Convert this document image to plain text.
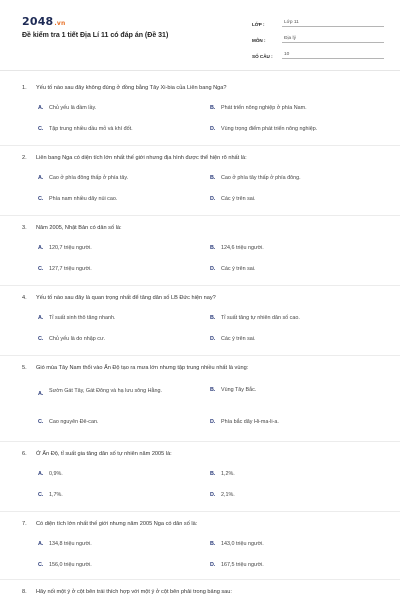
2048.vn
Đề kiểm tra 1 tiết Địa Lí 11 có đáp án (Đề 31)
LỚP :	Lớp 11
MÔN :	Địa lý
SỐ CÂU :	10
1. Yếu tố nào sau đây không đúng ở đồng bằng Tây Xi-bia của Liên bang Nga?
A.	Chủ yếu là đầm lầy.	B.	Phát triển nông nghiệp ở phía Nam.
C.	Tập trung nhiều dầu mỏ và khí đốt.	D.	Vùng trọng điểm phát triển nông nghiệp.
2. Liên bang Nga có diện tích lớn nhất thế giới nhưng địa hình được thể hiện rõ nhất là:
A.	Cao ở phía đông thấp ở phía tây.	B.	Cao ở phía tây thấp ở phía đông.
C.	Phía nam nhiều dãy núi cao.	D.	Các ý trên sai.
3. Năm 2005, Nhật Bản có dân số là:
A.	120,7 triệu người.	B.	124,6 triệu người.
C.	127,7 triệu người.	D.	Các ý trên sai.
4. Yếu tố nào sau đây là quan trọng nhất để tăng dân số LB Đức hiện nay?
A.	Tỉ suất sinh thô tăng nhanh.	B.	Tỉ suất tăng tự nhiên dân số cao.
C.	Chủ yếu là do nhập cư.	D.	Các ý trên sai.
5. Gió mùa Tây Nam thổi vào Ấn Độ tạo ra mưa lớn nhưng tập trung nhiều nhất là vùng:
A.	Sườn Gát Tây, Gát Đông và hạ lưu sông Hằng.	B.	Vùng Tây Bắc.
C.	Cao nguyên Đê-can.	D.	Phía bắc dãy Hi-ma-li-a.
6. Ở Ấn Độ, tỉ suất gia tăng dân số tự nhiên năm 2005 là:
A.	0,9%.	B.	1,2%.
C.	1,7%.	D.	2,1%.
7. Có diện tích lớn nhất thế giới nhưng năm 2005 Nga có dân số là:
A.	134,8 triệu người.	B.	143,0 triệu người.
C.	156,0 triệu người.	D.	167,5 triệu người.
8. Hãy nối một ý ở cột bên trái thích hợp với một ý ở cột bên phải trong bảng sau:
